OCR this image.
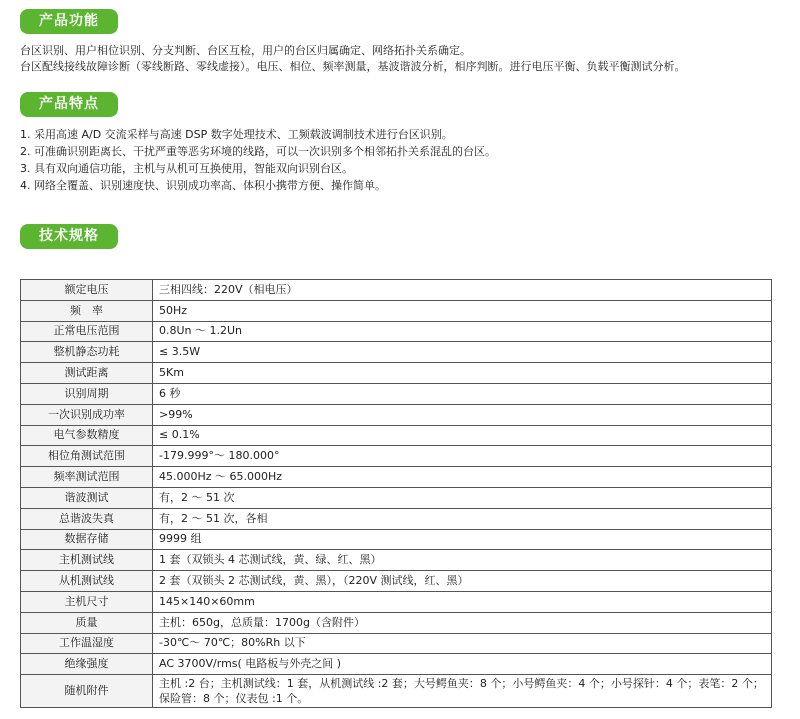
产品功能
台区识别、用户相位识别、分支判断、台区互检，用户的台区归属确定、网络拓扑关系确定。
台区配线接线故障诊断（零线断路、零线虚接）。电压、相位、频率测量，基波谐波分析，相序判断。进行电压平衡、负载平衡测试分析。
产品特点
1. 采用高速 A/D 交流采样与高速 DSP 数字处理技术、工频载波调制技术进行台区识别。
2. 可准确识别距离长、干扰严重等恶劣环境的线路，可以一次识别多个相邻拓扑关系混乱的台区。
3. 具有双向通信功能，主机与从机可互换使用，智能双向识别台区。
4. 网络全覆盖、识别速度快、识别成功率高、体积小携带方便、操作简单。
技术规格
额定电压	三相四线：220V（相电压）
频　率	50Hz
正常电压范围	0.8Un ～ 1.2Un
整机静态功耗	≤ 3.5W
测试距离	5Km
识别周期	6 秒
一次识别成功率	>99%
电气参数精度	≤ 0.1%
相位角测试范围	-179.999°～ 180.000°
频率测试范围	45.000Hz ～ 65.000Hz
谐波测试	有，2 ～ 51 次
总谐波失真	有，2 ～ 51 次，各相
数据存储	9999 组
主机测试线	1 套（双锁头 4 芯测试线，黄、绿、红、黑）
从机测试线	2 套（双锁头 2 芯测试线，黄、黑），（220V 测试线，红、黑）
主机尺寸	145×140×60mm
质量	主机：650g，总质量：1700g（含附件）
工作温湿度	-30℃～ 70℃；80%Rh 以下
绝缘强度	AC 3700V/rms( 电路板与外壳之间 )
随机附件	主机 :2 台；主机测试线：1 套，从机测试线 :2 套；大号鳄鱼夹：8 个；小号鳄鱼夹：4 个；小号探针：4 个；表笔：2 个；保险管：8 个；仪表包 :1 个。
